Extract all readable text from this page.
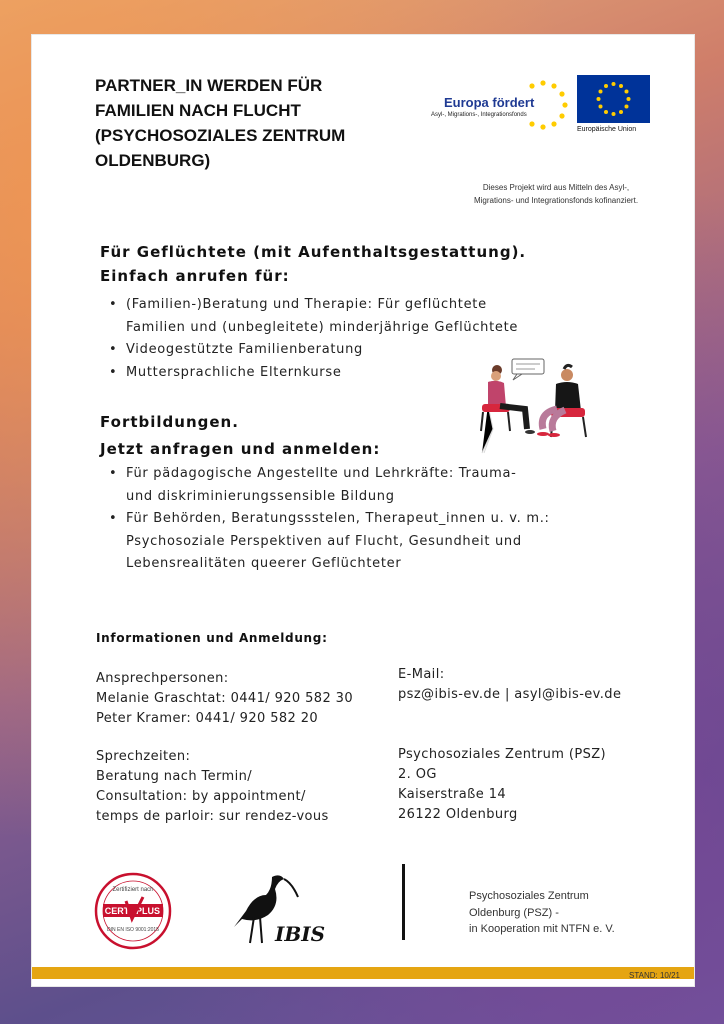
PARTNER_IN WERDEN FÜR
FAMILIEN NACH FLUCHT
(PSYCHOSOZIALES ZENTRUM
OLDENBURG)
Europa fördert
Asyl-, Migrations-, Integrationsfonds
Europäische Union
Dieses Projekt wird aus Mitteln des Asyl-,
Migrations- und Integrationsfonds kofinanziert.
Für Geflüchtete (mit Aufenthaltsgestattung).
Einfach anrufen für:
• (Familien-)Beratung und Therapie: Für geflüchtete
Familien und (unbegleitete) minderjährige Geflüchtete
• Videogestützte Familienberatung
• Muttersprachliche Elternkurse
Fortbildungen.
Jetzt anfragen und anmelden:
• Für pädagogische Angestellte und Lehrkräfte: Trauma-
und diskriminierungssensible Bildung
• Für Behörden, Beratungssstelen, Therapeut_innen u. v. m.:
Psychosoziale Perspektiven auf Flucht, Gesundheit und
Lebensrealitäten queerer Geflüchteter
Informationen und Anmeldung:
Ansprechpersonen:
Melanie Graschtat: 0441/ 920 582 30
Peter Kramer: 0441/ 920 582 20
E-Mail:
psz@ibis-ev.de | asyl@ibis-ev.de
Sprechzeiten:
Beratung nach Termin/
Consultation: by appointment/
temps de parloir: sur rendez-vous
Psychosoziales Zentrum (PSZ)
2. OG
Kaiserstraße 14
26122 Oldenburg
Zertifiziert nach
CERT PLUS
DIN EN ISO 9001:2015	IBIS
Psychosoziales Zentrum
Oldenburg (PSZ) -
in Kooperation mit NTFN e. V.
STAND: 10/21
